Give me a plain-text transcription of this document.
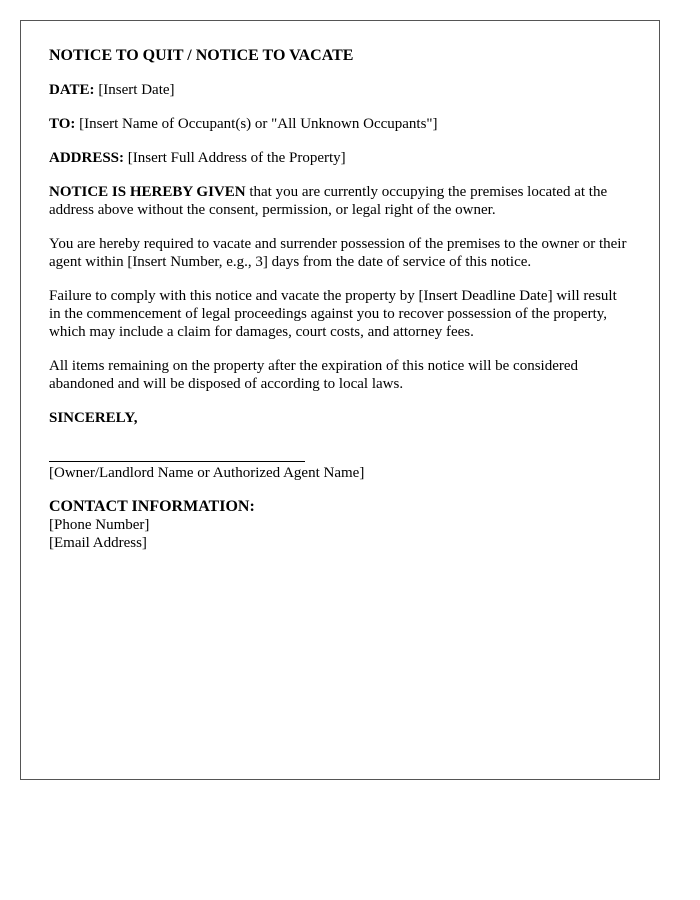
NOTICE TO QUIT / NOTICE TO VACATE
DATE: [Insert Date]
TO: [Insert Name of Occupant(s) or "All Unknown Occupants"]
ADDRESS: [Insert Full Address of the Property]

NOTICE IS HEREBY GIVEN that you are currently occupying the premises located at the address above without the consent, permission, or legal right of the owner.

You are hereby required to vacate and surrender possession of the premises to the owner or their agent within [Insert Number, e.g., 3] days from the date of service of this notice.

Failure to comply with this notice and vacate the property by [Insert Deadline Date] will result in the commencement of legal proceedings against you to recover possession of the property, which may include a claim for damages, court costs, and attorney fees.

All items remaining on the property after the expiration of this notice will be considered abandoned and will be disposed of according to local laws.

SINCERELY,
[Owner/Landlord Name or Authorized Agent Name]
CONTACT INFORMATION:
[Phone Number]
[Email Address]
